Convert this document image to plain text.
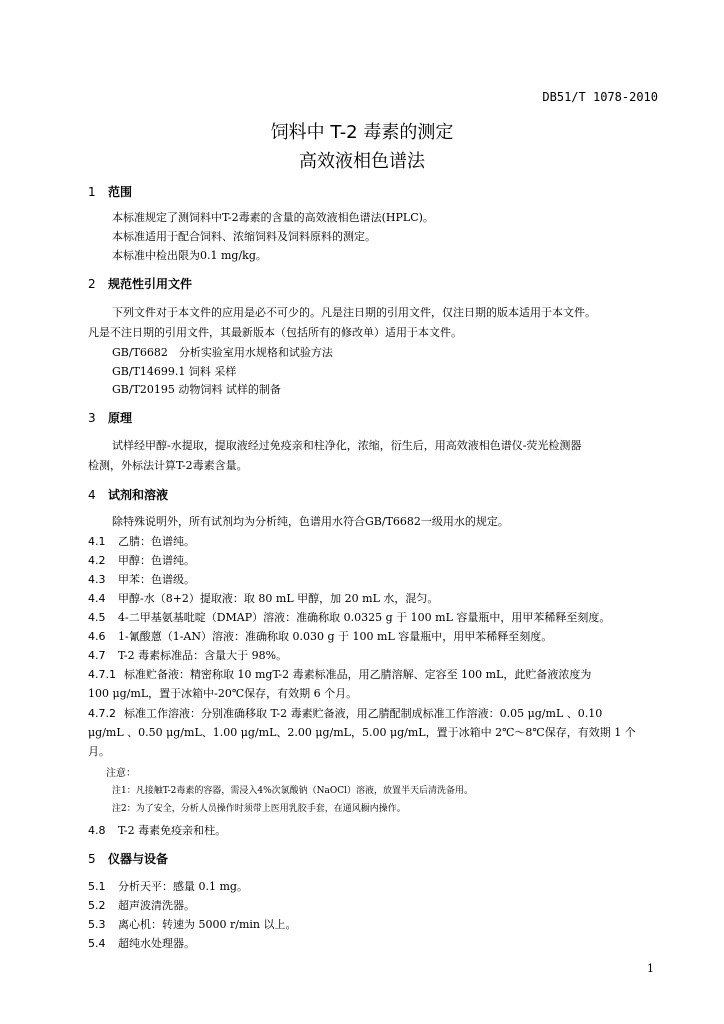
DB51/T 1078-2010
饲料中 T-2 毒素的测定
高效液相色谱法
1 范围
本标准规定了测饲料中T-2毒素的含量的高效液相色谱法(HPLC)。
本标准适用于配合饲料、浓缩饲料及饲料原料的测定。
本标准中检出限为0.1 mg/kg。
2 规范性引用文件
下列文件对于本文件的应用是必不可少的。凡是注日期的引用文件，仅注日期的版本适用于本文件。
凡是不注日期的引用文件，其最新版本（包括所有的修改单）适用于本文件。
GB/T6682　分析实验室用水规格和试验方法
GB/T14699.1 饲料 采样
GB/T20195 动物饲料 试样的制备
3 原理
试样经甲醇-水提取，提取液经过免疫亲和柱净化，浓缩，衍生后，用高效液相色谱仪-荧光检测器
检测，外标法计算T-2毒素含量。
4 试剂和溶液
除特殊说明外，所有试剂均为分析纯，色谱用水符合GB/T6682一级用水的规定。
4.1 乙腈：色谱纯。
4.2 甲醇：色谱纯。
4.3 甲苯：色谱级。
4.4 甲醇-水（8+2）提取液：取 80 mL 甲醇，加 20 mL 水，混匀。
4.5 4-二甲基氨基吡啶（DMAP）溶液：准确称取 0.0325 g 于 100 mL 容量瓶中，用甲苯稀释至刻度。
4.6 1-氰酸蒽（1-AN）溶液：准确称取 0.030 g 于 100 mL 容量瓶中，用甲苯稀释至刻度。
4.7 T-2 毒素标准品：含量大于 98%。
4.7.1 标准贮备液：精密称取 10 mgT-2 毒素标准品，用乙腈溶解、定容至 100 mL，此贮备液浓度为
100 μg/mL，置于冰箱中-20℃保存，有效期 6 个月。
4.7.2 标准工作溶液：分别准确移取 T-2 毒素贮备液，用乙腈配制成标准工作溶液：0.05 μg/mL 、0.10
μg/mL 、0.50 μg/mL、1.00 μg/mL、2.00 μg/mL，5.00 μg/mL，置于冰箱中 2℃～8℃保存，有效期 1 个
月。
注意：
注1：凡接触T-2毒素的容器，需浸入4%次氯酸钠（NaOCl）溶液，放置半天后清洗备用。
注2：为了安全，分析人员操作时须带上医用乳胶手套，在通风橱内操作。
4.8 T-2 毒素免疫亲和柱。
5 仪器与设备
5.1 分析天平：感量 0.1 mg。
5.2 超声波清洗器。
5.3 离心机：转速为 5000 r/min 以上。
5.4 超纯水处理器。
1
